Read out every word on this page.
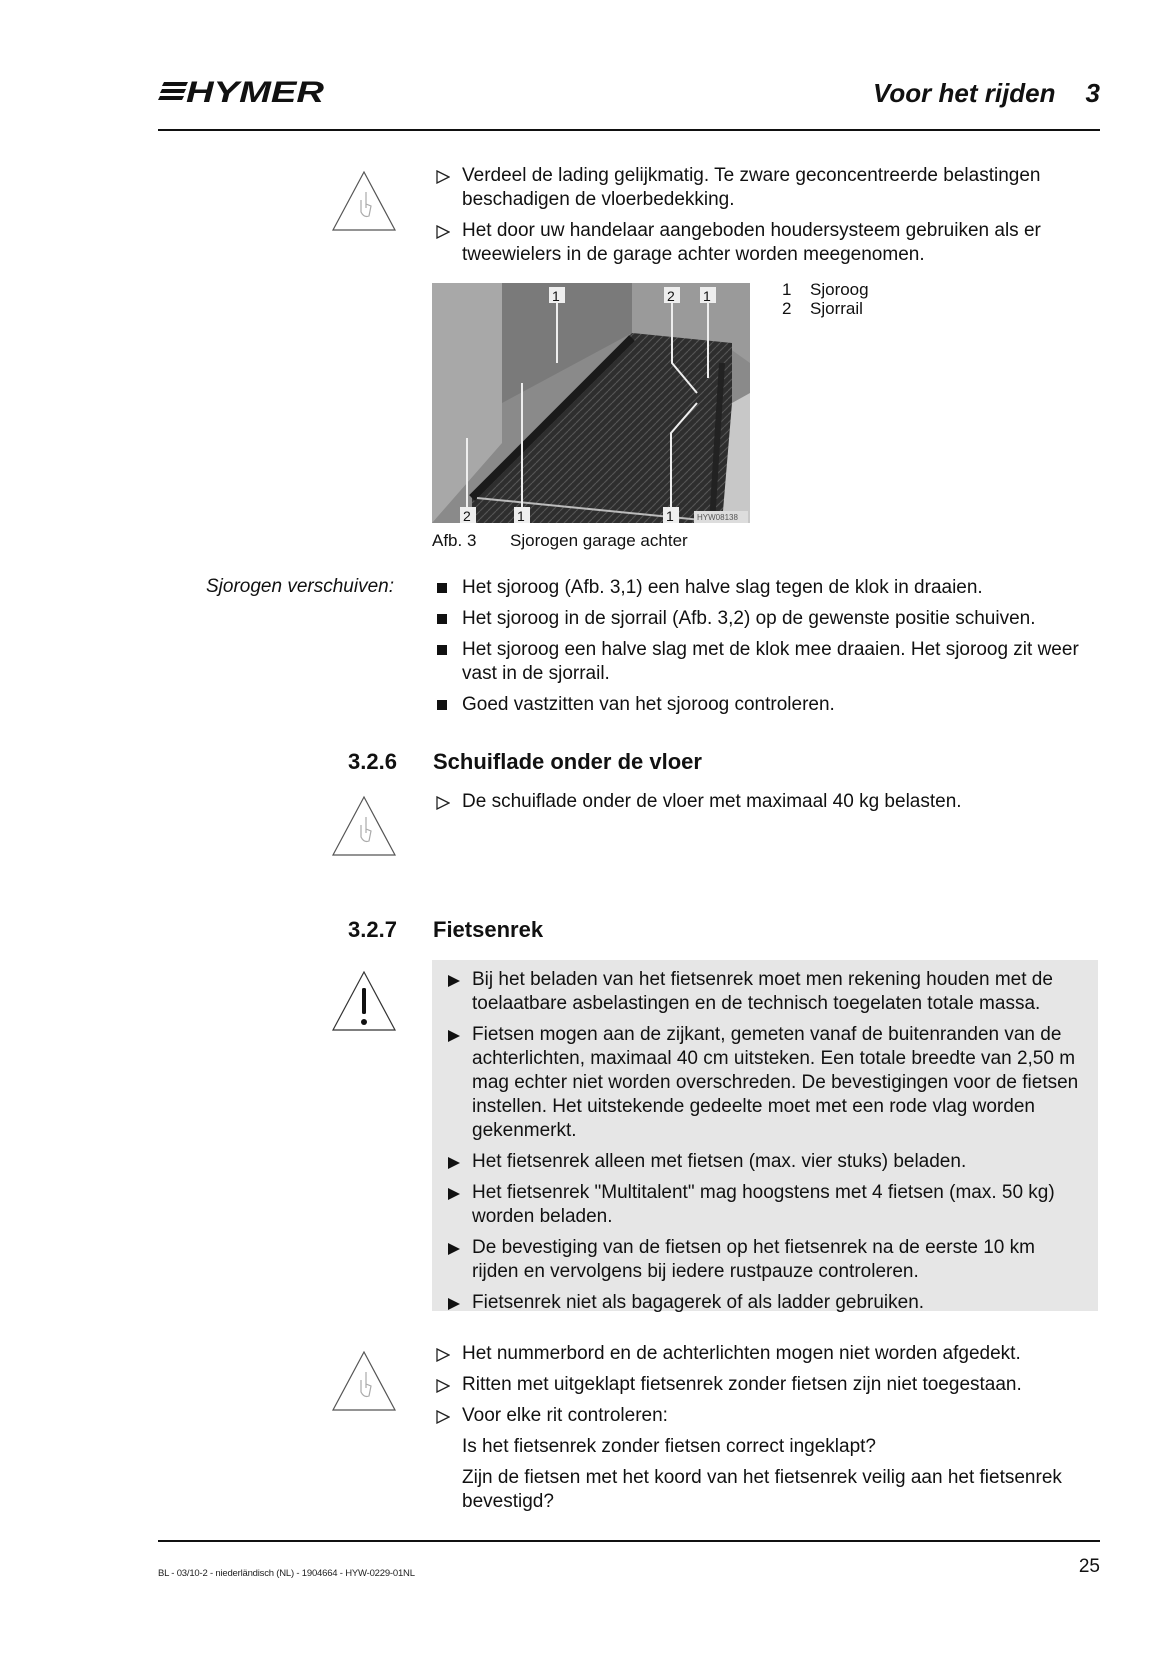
HYMER	Voor het rijden 3
Verdeel de lading gelijkmatig. Te zware geconcentreerde belastingen beschadigen de vloerbedekking.
Het door uw handelaar aangeboden houdersysteem gebruiken als er tweewielers in de garage achter worden meegenomen.
1	2 1
2	1	1	HYW08138
1 Sjoroog
2 Sjorrail
Afb. 3 Sjorogen garage achter
Sjorogen verschuiven:	Het sjoroog (Afb. 3,1) een halve slag tegen de klok in draaien.
Het sjoroog in de sjorrail (Afb. 3,2) op de gewenste positie schuiven.
Het sjoroog een halve slag met de klok mee draaien. Het sjoroog zit weer vast in de sjorrail.
Goed vastzitten van het sjoroog controleren.
3.2.6 Schuiflade onder de vloer
De schuiflade onder de vloer met maximaal 40 kg belasten.
3.2.7 Fietsenrek
Bij het beladen van het fietsenrek moet men rekening houden met de toelaatbare asbelastingen en de technisch toegelaten totale massa.
Fietsen mogen aan de zijkant, gemeten vanaf de buitenranden van de achterlichten, maximaal 40 cm uitsteken. Een totale breedte van 2,50 m mag echter niet worden overschreden. De bevestigingen voor de fietsen instellen. Het uitstekende gedeelte moet met een rode vlag worden gekenmerkt.
Het fietsenrek alleen met fietsen (max. vier stuks) beladen.
Het fietsenrek "Multitalent" mag hoogstens met 4 fietsen (max. 50 kg) worden beladen.
De bevestiging van de fietsen op het fietsenrek na de eerste 10 km rijden en vervolgens bij iedere rustpauze controleren.
Fietsenrek niet als bagagerek of als ladder gebruiken.
Het nummerbord en de achterlichten mogen niet worden afgedekt.
Ritten met uitgeklapt fietsenrek zonder fietsen zijn niet toegestaan.
Voor elke rit controleren:
Is het fietsenrek zonder fietsen correct ingeklapt?
Zijn de fietsen met het koord van het fietsenrek veilig aan het fietsenrek bevestigd?
BL - 03/10-2 - niederländisch (NL) - 1904664 - HYW-0229-01NL	25
